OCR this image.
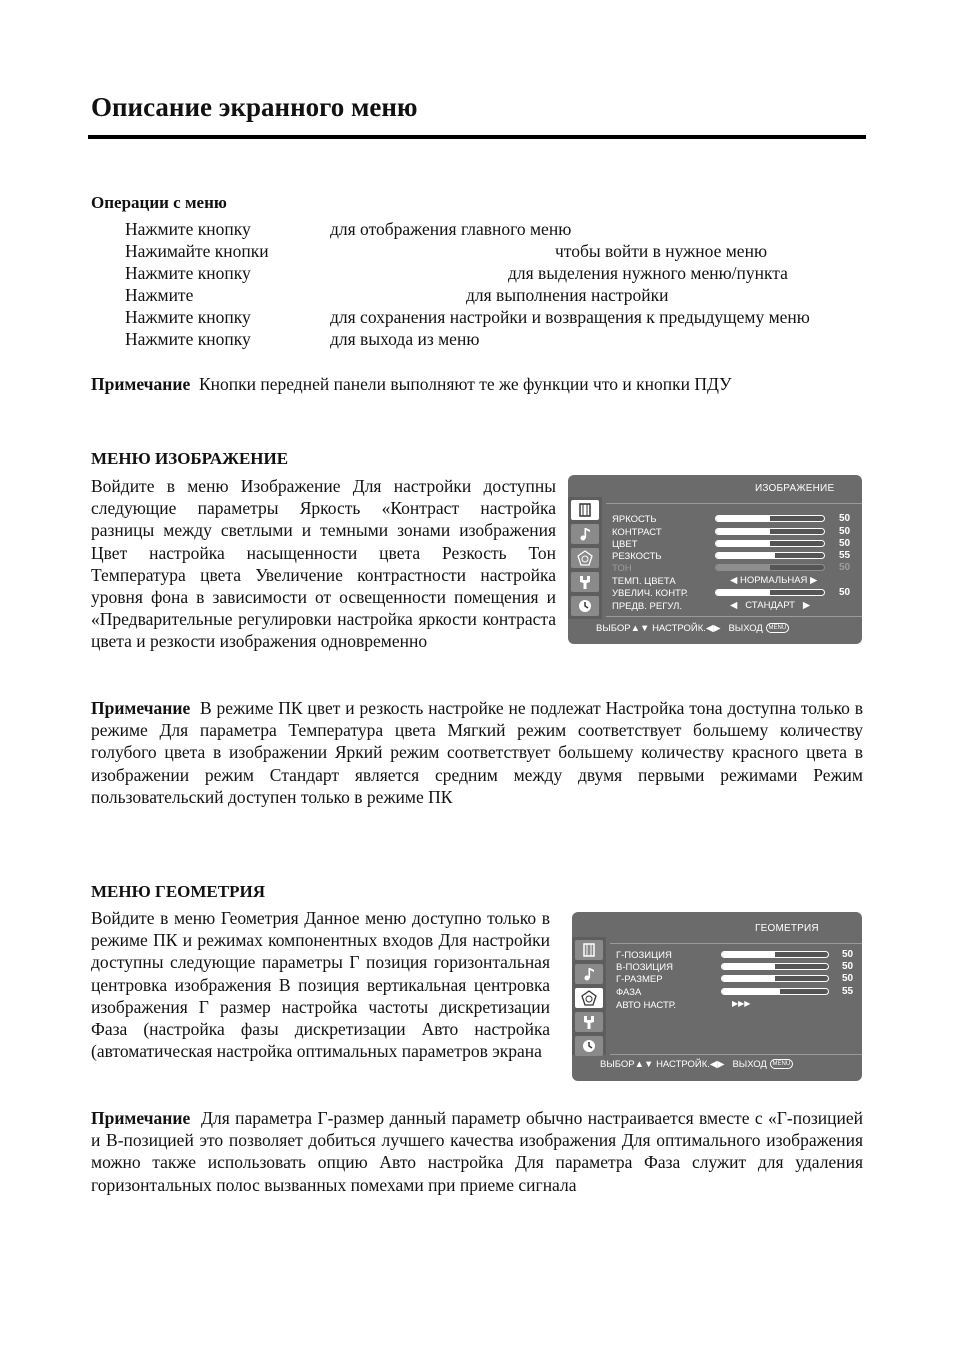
Описание экранного меню
Операции с меню
Нажмите кнопку	для отображения главного меню
Нажимайте кнопки	чтобы войти в нужное меню
Нажмите кнопку	для выделения нужного меню/пункта
Нажмите	для выполнения настройки
Нажмите кнопку	для сохранения настройки и возвращения к предыдущему меню
Нажмите кнопку	для выхода из меню
Примечание Кнопки передней панели выполняют те же функции что и кнопки ПДУ
МЕНЮ ИЗОБРАЖЕНИЕ
Войдите в меню Изображение Для настройки доступны следующие параметры Яркость «Контраст настройка разницы между светлыми и темными зонами изображения Цвет настройка насыщенности цвета Резкость Тон Температура цвета Увеличение контрастности настройка уровня фона в зависимости от освещенности помещения и «Предварительные регулировки настройка яркости контраста цвета и резкости изображения одновременно
ИЗОБРАЖЕНИЕ
ЯРКОСТЬ	50
КОНТРАСТ	50
ЦВЕТ	50
РЕЗКОСТЬ	55
ТОН	50
ТЕМП. ЦВЕТА	◀ НОРМАЛЬНАЯ ▶
УВЕЛИЧ. КОНТР.	50
ПРЕДВ. РЕГУЛ.	◀   СТАНДАРТ   ▶
ВЫБОР▲▼ НАСТРОЙК.◀▶ ВЫХОД MENU
Примечание В режиме ПК цвет и резкость настройке не подлежат Настройка тона доступна только в режиме Для параметра Температура цвета Мягкий режим соответствует большему количеству голубого цвета в изображении Яркий режим соответствует большему количеству красного цвета в изображении режим Стандарт является средним между двумя первыми режимами Режим пользовательский доступен только в режиме ПК
МЕНЮ ГЕОМЕТРИЯ
Войдите в меню Геометрия Данное меню доступно только в режиме ПК и режимах компонентных входов Для настройки доступны следующие параметры Г позиция горизонтальная центровка изображения В позиция вертикальная центровка изображения Г размер настройка частоты дискретизации Фаза (настройка фазы дискретизации Авто настройка (автоматическая настройка оптимальных параметров экрана
ГЕОМЕТРИЯ
Г-ПОЗИЦИЯ	50
В-ПОЗИЦИЯ	50
Г-РАЗМЕР	50
ФАЗА	55
АВТО НАСТР.	▶▶▶
ВЫБОР▲▼ НАСТРОЙК.◀▶ ВЫХОД MENU
Примечание Для параметра Г-размер данный параметр обычно настраивается вместе с «Г-позицией и В-позицией это позволяет добиться лучшего качества изображения Для оптимального изображения можно также использовать опцию Авто настройка Для параметра Фаза служит для удаления горизонтальных полос вызванных помехами при приеме сигнала
